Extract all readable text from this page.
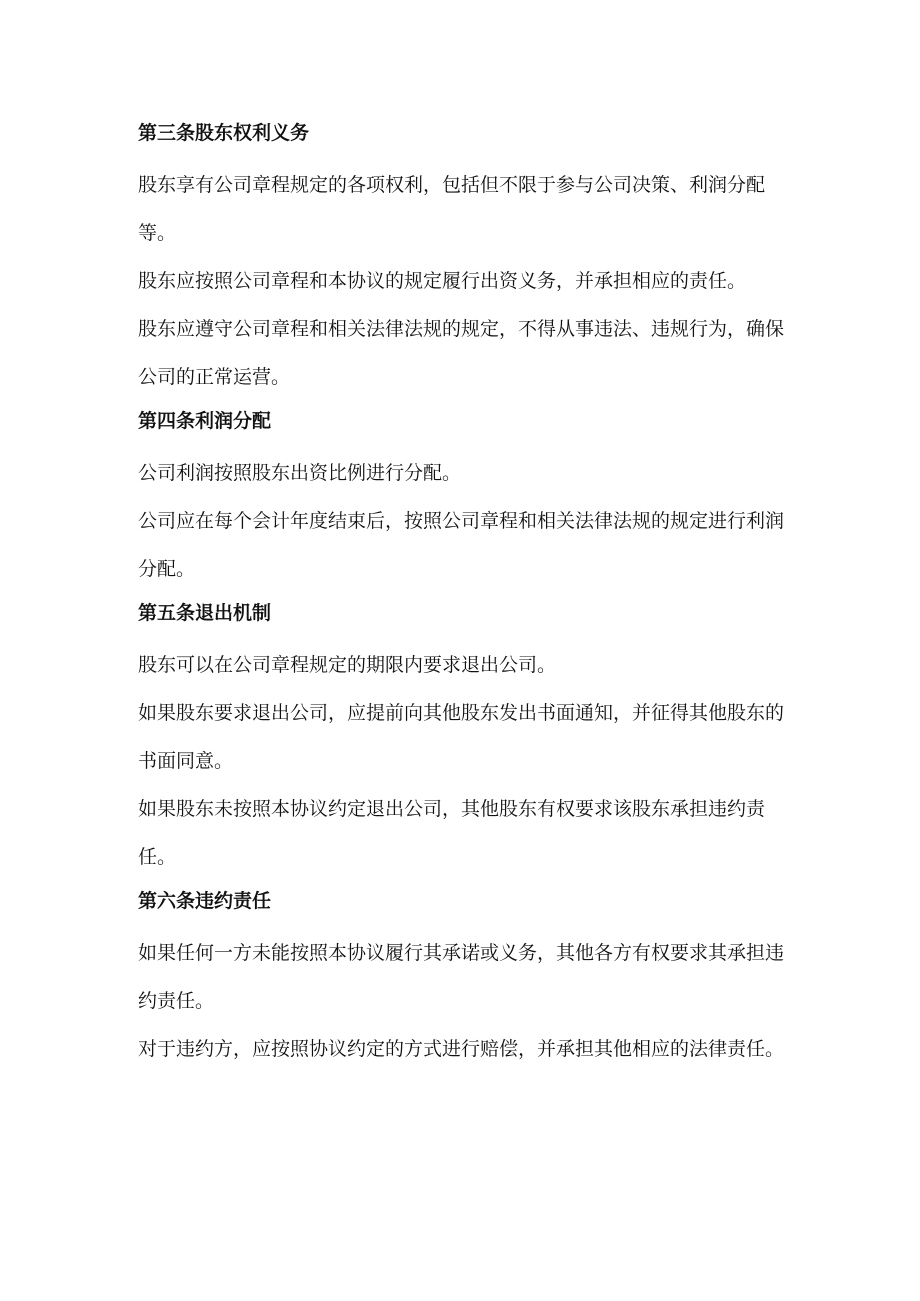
第三条股东权利义务

股东享有公司章程规定的各项权利，包括但不限于参与公司决策、利润分配等。

股东应按照公司章程和本协议的规定履行出资义务，并承担相应的责任。

股东应遵守公司章程和相关法律法规的规定，不得从事违法、违规行为，确保公司的正常运营。

第四条利润分配

公司利润按照股东出资比例进行分配。

公司应在每个会计年度结束后，按照公司章程和相关法律法规的规定进行利润分配。

第五条退出机制

股东可以在公司章程规定的期限内要求退出公司。

如果股东要求退出公司，应提前向其他股东发出书面通知，并征得其他股东的书面同意。

如果股东未按照本协议约定退出公司，其他股东有权要求该股东承担违约责任。

第六条违约责任

如果任何一方未能按照本协议履行其承诺或义务，其他各方有权要求其承担违约责任。

对于违约方，应按照协议约定的方式进行赔偿，并承担其他相应的法律责任。
